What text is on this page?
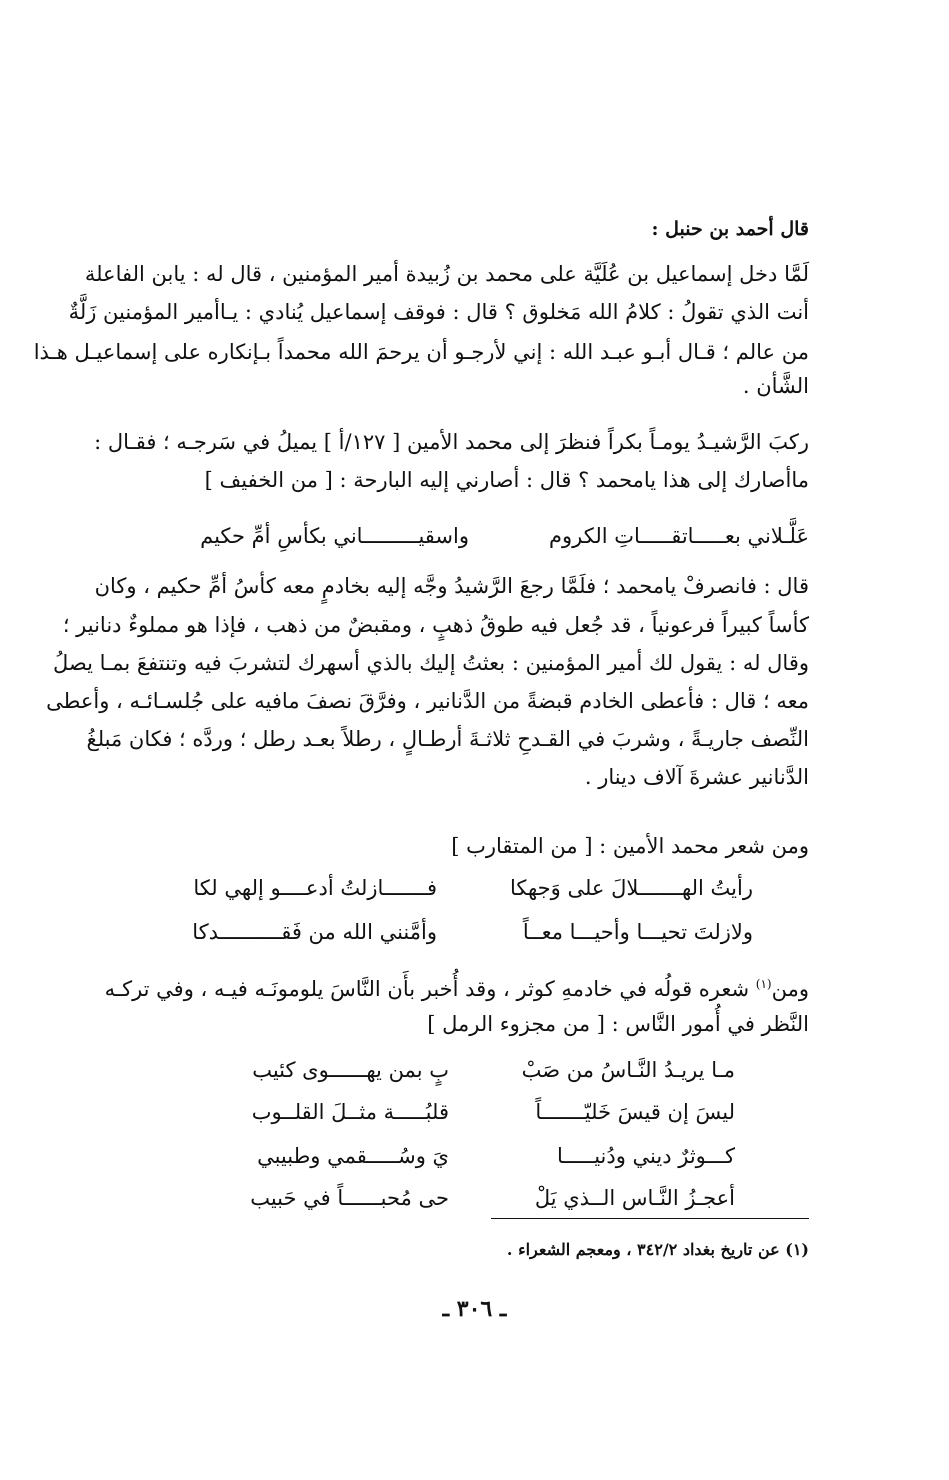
قال أحمد بن حنبل :
لَمَّا دخل إسماعيل بن عُلَيَّة على محمد بن زُبيدة أمير المؤمنين ، قال له : يابن الفاعلة
أنت الذي تقولُ : كلامُ الله مَخلوق ؟ قال : فوقف إسماعيل يُنادي : يـاأمير المؤمنين زَلَّةٌ
من عالم ؛ قـال أبـو عبـد الله : إني لأرجـو أن يرحمَ الله محمداً بـإنكاره على إسماعيـل هـذا
الشَّأن .
ركبَ الرَّشيـدُ يومـاً بكراً فنظرَ إلى محمد الأمين [ ١٢٧/أ ] يميلُ في سَرجـه ؛ فقـال :
ماأصارك إلى هذا يامحمد ؟ قال : أصارني إليه البارحة : [ من الخفيف ]
عَلَّـلاني بعـــــاتقـــــاتِ الكروم
واسقيـــــــــاني بكأسِ أمِّ حكيم
قال : فانصرفْ يامحمد ؛ فلَمَّا رجعَ الرَّشيدُ وجَّه إليه بخادمٍ معه كأسُ أمِّ حكيم ، وكان
كأساً كبيراً فرعونياً ، قد جُعل فيه طوقُ ذهبٍ ، ومقبضٌ من ذهب ، فإذا هو مملوءٌ دنانير ؛
وقال له : يقول لك أمير المؤمنين : بعثتُ إليك بالذي أسهرك لتشربَ فيه وتنتفعَ بمـا يصلُ
معه ؛ قال : فأعطى الخادم قبضةً من الدَّنانير ، وفرَّقَ نصفَ مافيه على جُلسـائـه ، وأعطى
النِّصف جاريـةً ، وشربَ في القـدحِ ثلاثـةَ أرطـالٍ ، رطلاً بعـد رطل ؛ وردَّه ؛ فكان مَبلغُ
الدَّنانير عشرةَ آلاف دينار .
ومن شعر محمد الأمين : [ من المتقارب ]
رأيتُ الهـــــــلالَ على وَجهكا
فـــــــازلتُ أدعــــو إلهي لكا
ولازلتَ تحيـــا وأحيـــا معــاً
وأمَّنني الله من فَقــــــــــدكا
ومن$^{(١)}$ شعره قولُه في خادمهِ كوثر ، وقد أُخبر بأَن النَّاسَ يلومونَـه فيـه ، وفي تركـه
النَّظر في أُمور النَّاس : [ من مجزوء الرمل ]
مـا يريـدُ النَّـاسُ من صَبْ
بٍ بمن يهــــــوى كئيب
ليسَ إن قيسَ خَليّـــــــاً
قلبُـــــة مثــلَ القلــوب
كـــوثرٌ ديني ودُنيـــــا
يَ وسُـــــقمي وطبيبي
أعجـزُ النَّـاس الــذي يَلْ
حى مُحبــــــاً في حَبيب
(١) عن تاريخ بغداد ٣٤٢/٢ ، ومعجم الشعراء .
ـ ٣٠٦ ـ
